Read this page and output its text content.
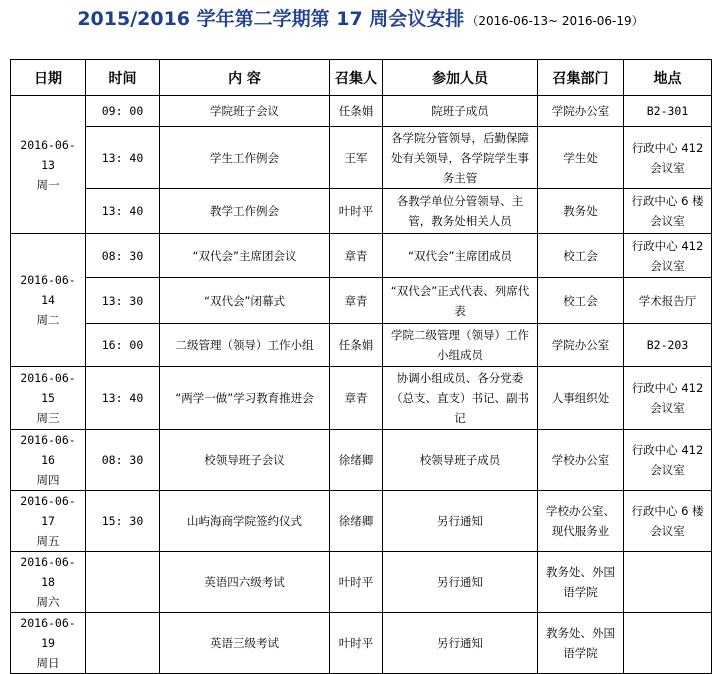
2015/2016 学年第二学期第 17 周会议安排 （2016-06-13~ 2016-06-19）
日期	时间	内 容	召集人	参加人员	召集部门	地点
2016-06-13
周一	09: 00	学院班子会议	任条娟	院班子成员	学院办公室	B2-301
	13: 40	学生工作例会	王军	各学院分管领导，后勤保障处有关领导，各学院学生事务主管	学生处	行政中心 412 会议室
	13: 40	教学工作例会	叶时平	各教学单位分管领导、主管，教务处相关人员	教务处	行政中心 6 楼会议室
2016-06-14
周二	08: 30	“双代会”主席团会议	章青	“双代会”主席团成员	校工会	行政中心 412 会议室
	13: 30	“双代会”闭幕式	章青	“双代会”正式代表、列席代表	校工会	学术报告厅
	16: 00	二级管理（领导）工作小组	任条娟	学院二级管理（领导）工作小组成员	学院办公室	B2-203
2016-06-15
周三	13: 40	“两学一做”学习教育推进会	章青	协调小组成员、各分党委（总支、直支）书记、副书记	人事组织处	行政中心 412 会议室
2016-06-16
周四	08: 30	校领导班子会议	徐绪卿	校领导班子成员	学校办公室	行政中心 412 会议室
2016-06-17
周五	15: 30	山屿海商学院签约仪式	徐绪卿	另行通知	学校办公室、现代服务业	行政中心 6 楼会议室
2016-06-18
周六		英语四六级考试	叶时平	另行通知	教务处、外国语学院	
2016-06-19
周日		英语三级考试	叶时平	另行通知	教务处、外国语学院	
